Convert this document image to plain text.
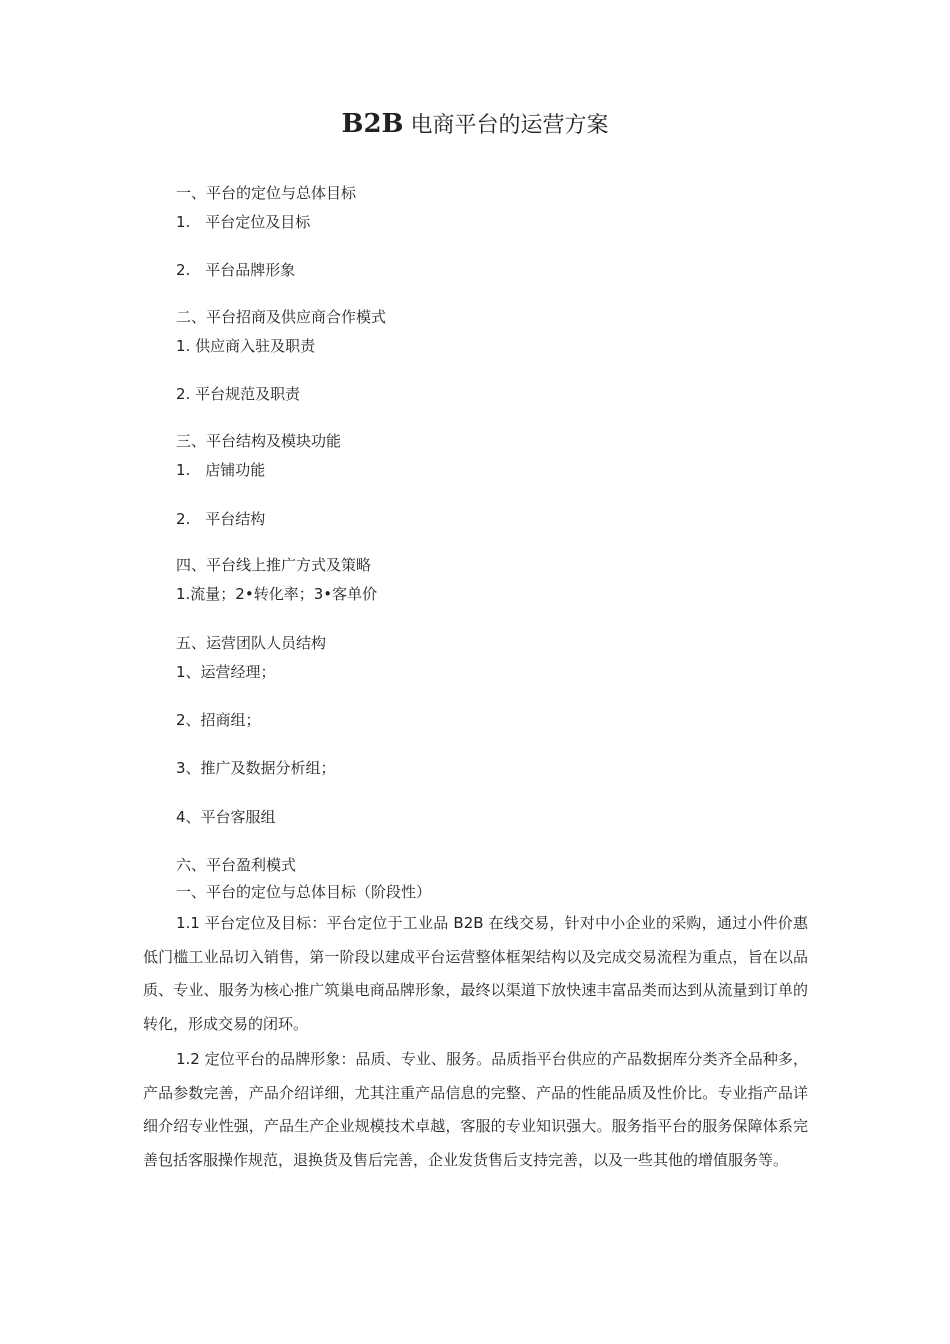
B2B 电商平台的运营方案
一、平台的定位与总体目标
1.　平台定位及目标
2.　平台品牌形象
二、平台招商及供应商合作模式
1. 供应商入驻及职责
2. 平台规范及职责
三、平台结构及模块功能
1.　店铺功能
2.　平台结构
四、平台线上推广方式及策略
1.流量；2•转化率；3•客单价
五、运营团队人员结构
1、运营经理；
2、招商组；
3、推广及数据分析组；
4、平台客服组
六、平台盈利模式
一、平台的定位与总体目标（阶段性）
1.1 平台定位及目标：平台定位于工业品 B2B 在线交易，针对中小企业的采购，通过小件价惠低门槛工业品切入销售，第一阶段以建成平台运营整体框架结构以及完成交易流程为重点，旨在以品质、专业、服务为核心推广筑巢电商品牌形象，最终以渠道下放快速丰富品类而达到从流量到订单的转化，形成交易的闭环。
1.2 定位平台的品牌形象：品质、专业、服务。品质指平台供应的产品数据库分类齐全品种多，产品参数完善，产品介绍详细，尤其注重产品信息的完整、产品的性能品质及性价比。专业指产品详细介绍专业性强，产品生产企业规模技术卓越，客服的专业知识强大。服务指平台的服务保障体系完善包括客服操作规范，退换货及售后完善，企业发货售后支持完善，以及一些其他的增值服务等。
